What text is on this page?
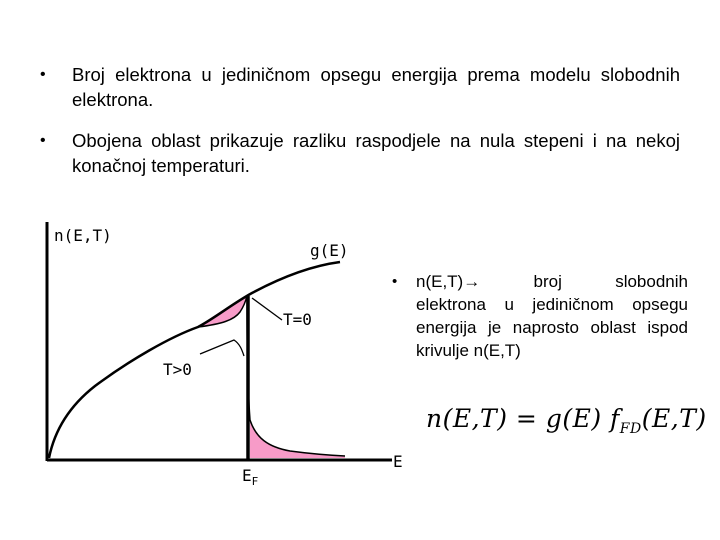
• Broj elektrona u jediničnom opsegu energija prema modelu slobodnih elektrona.
• Obojena oblast prikazuje razliku raspodjele na nula stepeni i na nekoj konačnoj temperaturi.
n(E,T)
g(E)
T=0
T>0
E
$E_F$
• n(E,T)→ broj slobodnih
elektrona u jediničnom opsegu energija je naprosto oblast ispod krivulje n(E,T)
n(E,T) = g(E) $f_{FD}(E,T)$
